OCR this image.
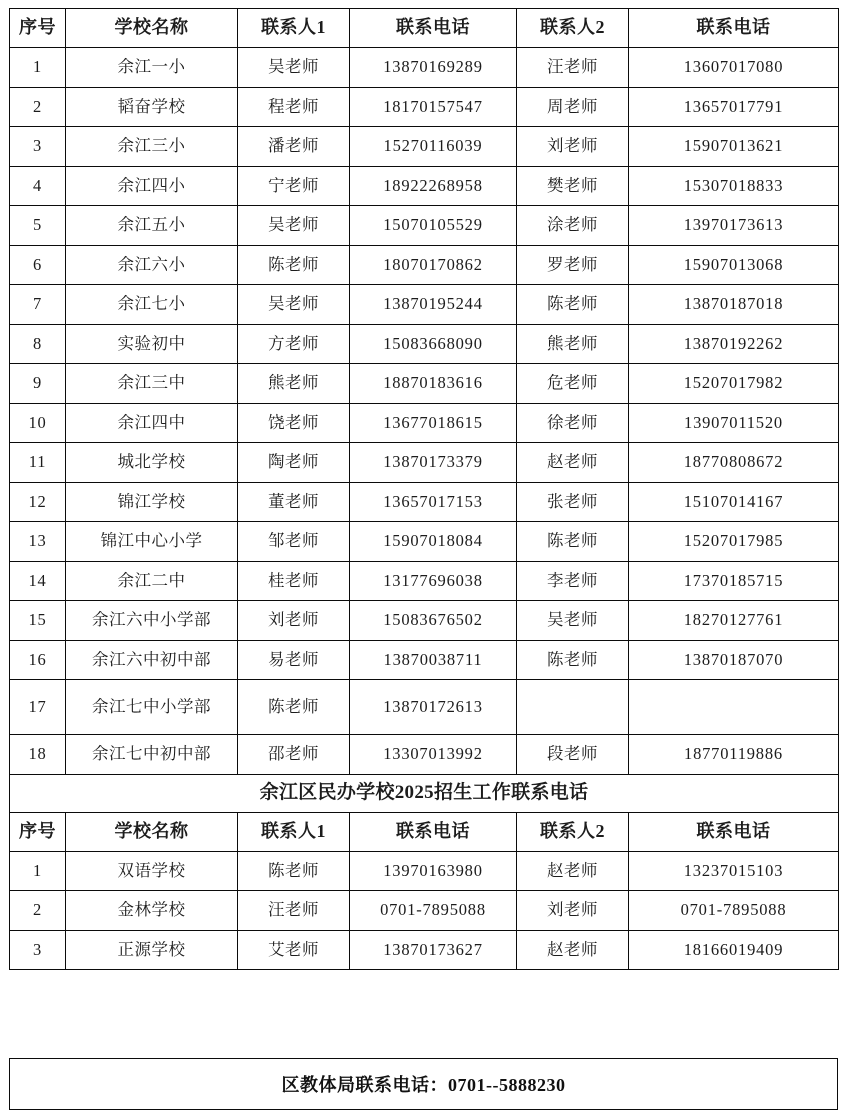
序号	学校名称	联系人1	联系电话	联系人2	联系电话
1	余江一小	吴老师	13870169289	汪老师	13607017080
2	韬奋学校	程老师	18170157547	周老师	13657017791
3	余江三小	潘老师	15270116039	刘老师	15907013621
4	余江四小	宁老师	18922268958	樊老师	15307018833
5	余江五小	吴老师	15070105529	涂老师	13970173613
6	余江六小	陈老师	18070170862	罗老师	15907013068
7	余江七小	吴老师	13870195244	陈老师	13870187018
8	实验初中	方老师	15083668090	熊老师	13870192262
9	余江三中	熊老师	18870183616	危老师	15207017982
10	余江四中	饶老师	13677018615	徐老师	13907011520
11	城北学校	陶老师	13870173379	赵老师	18770808672
12	锦江学校	董老师	13657017153	张老师	15107014167
13	锦江中心小学	邹老师	15907018084	陈老师	15207017985
14	余江二中	桂老师	13177696038	李老师	17370185715
15	余江六中小学部	刘老师	15083676502	吴老师	18270127761
16	余江六中初中部	易老师	13870038711	陈老师	13870187070
17	余江七中小学部	陈老师	13870172613		
18	余江七中初中部	邵老师	13307013992	段老师	18770119886
余江区民办学校2025招生工作联系电话					
序号	学校名称	联系人1	联系电话	联系人2	联系电话
1	双语学校	陈老师	13970163980	赵老师	13237015103
2	金林学校	汪老师	0701-7895088	刘老师	0701-7895088
3	正源学校	艾老师	13870173627	赵老师	18166019409
区教体局联系电话：0701--5888230
